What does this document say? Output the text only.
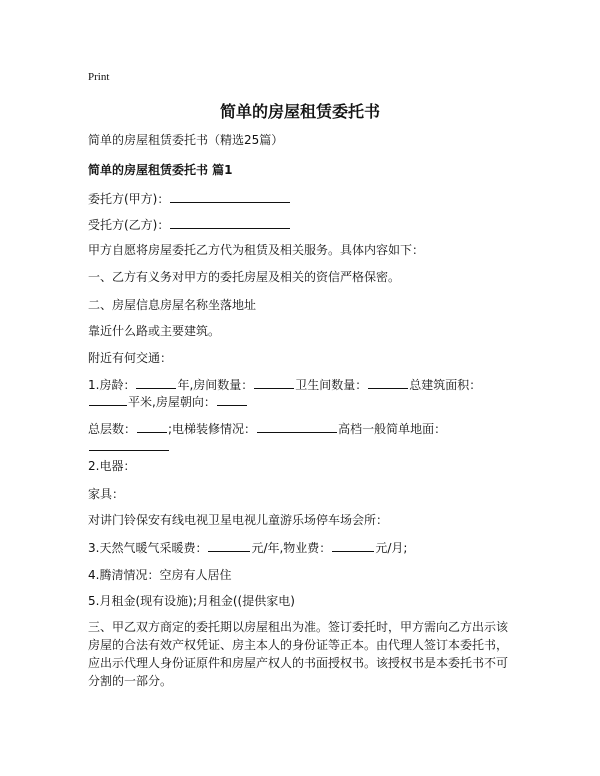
Print
简单的房屋租赁委托书
简单的房屋租赁委托书（精选25篇）
简单的房屋租赁委托书 篇1
委托方(甲方)：
受托方(乙方)：
甲方自愿将房屋委托乙方代为租赁及相关服务。具体内容如下：
一、乙方有义务对甲方的委托房屋及相关的资信严格保密。
二、房屋信息房屋名称坐落地址
靠近什么路或主要建筑。
附近有何交通：
1.房龄：	年,房间数量：	卫生间数量：	总建筑面积：
平米,房屋朝向：
总层数：	;电梯装修情况：	高档一般简单地面：
2.电器：
家具：
对讲门铃保安有线电视卫星电视儿童游乐场停车场会所：
3.天然气暖气采暖费：	元/年,物业费：	元/月;
4.腾清情况：空房有人居住
5.月租金(现有设施);月租金((提供家电)
三、甲乙双方商定的委托期以房屋租出为准。签订委托时，甲方需向乙方出示该房屋的合法有效产权凭证、房主本人的身份证等正本。由代理人签订本委托书，应出示代理人身份证原件和房屋产权人的书面授权书。该授权书是本委托书不可分割的一部分。
